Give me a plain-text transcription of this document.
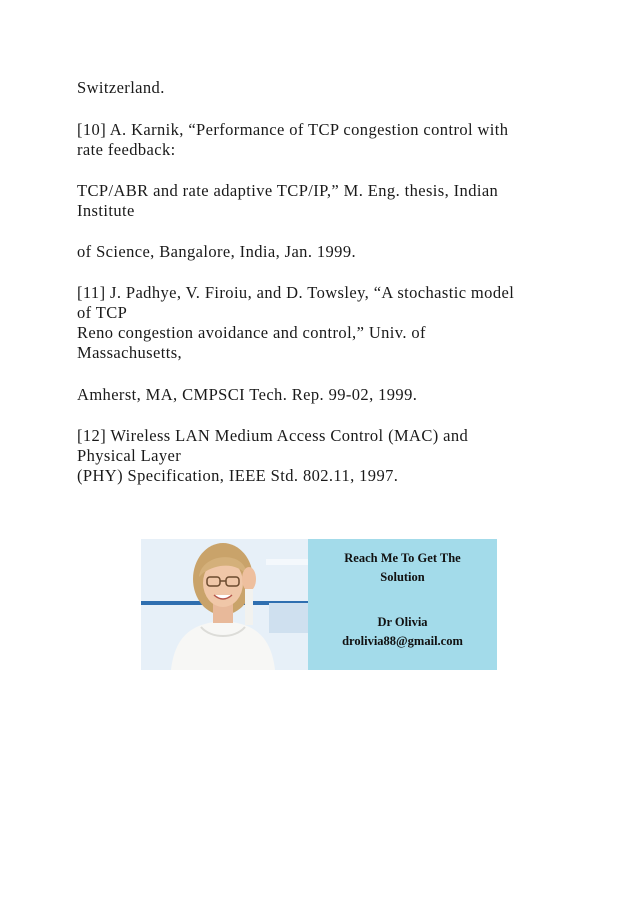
Switzerland.
[10] A. Karnik, “Performance of TCP congestion control with
rate feedback:
TCP/ABR and rate adaptive TCP/IP,” M. Eng. thesis, Indian
Institute
of Science, Bangalore, India, Jan. 1999.
[11] J. Padhye, V. Firoiu, and D. Towsley, “A stochastic model
of TCP
Reno congestion avoidance and control,” Univ. of
Massachusetts,
Amherst, MA, CMPSCI Tech. Rep. 99-02, 1999.
[12] Wireless LAN Medium Access Control (MAC) and
Physical Layer
(PHY) Specification, IEEE Std. 802.11, 1997.
Reach Me To Get The
Solution
Dr Olivia
drolivia88@gmail.com
